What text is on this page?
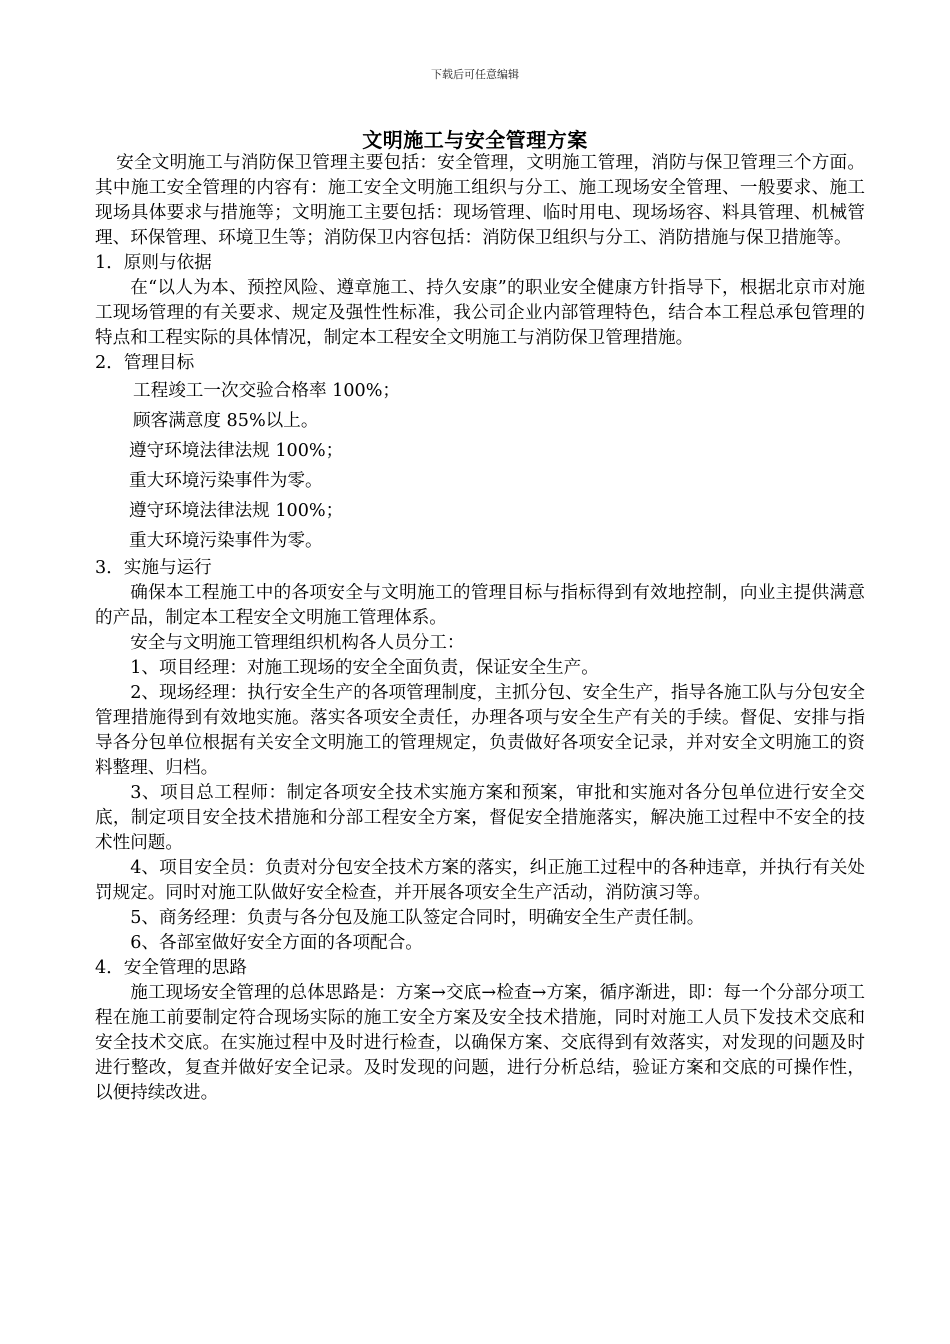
下载后可任意编辑
文明施工与安全管理方案

安全文明施工与消防保卫管理主要包括：安全管理，文明施工管理，消防与保卫管理三个方面。其中施工安全管理的内容有：施工安全文明施工组织与分工、施工现场安全管理、一般要求、施工现场具体要求与措施等；文明施工主要包括：现场管理、临时用电、现场场容、料具管理、机械管理、环保管理、环境卫生等；消防保卫内容包括：消防保卫组织与分工、消防措施与保卫措施等。

1．原则与依据

在“以人为本、预控风险、遵章施工、持久安康”的职业安全健康方针指导下，根据北京市对施工现场管理的有关要求、规定及强性性标准，我公司企业内部管理特色，结合本工程总承包管理的特点和工程实际的具体情况，制定本工程安全文明施工与消防保卫管理措施。

2．管理目标

工程竣工一次交验合格率 100%；

顾客满意度 85%以上。

遵守环境法律法规 100%；

重大环境污染事件为零。

遵守环境法律法规 100%；

重大环境污染事件为零。

3．实施与运行

确保本工程施工中的各项安全与文明施工的管理目标与指标得到有效地控制，向业主提供满意的产品，制定本工程安全文明施工管理体系。

安全与文明施工管理组织机构各人员分工：

1、项目经理：对施工现场的安全全面负责，保证安全生产。

2、现场经理：执行安全生产的各项管理制度，主抓分包、安全生产，指导各施工队与分包安全管理措施得到有效地实施。落实各项安全责任，办理各项与安全生产有关的手续。督促、安排与指导各分包单位根据有关安全文明施工的管理规定，负责做好各项安全记录，并对安全文明施工的资料整理、归档。

3、项目总工程师：制定各项安全技术实施方案和预案，审批和实施对各分包单位进行安全交底，制定项目安全技术措施和分部工程安全方案，督促安全措施落实，解决施工过程中不安全的技术性问题。

4、项目安全员：负责对分包安全技术方案的落实，纠正施工过程中的各种违章，并执行有关处罚规定。同时对施工队做好安全检查，并开展各项安全生产活动，消防演习等。

5、商务经理：负责与各分包及施工队签定合同时，明确安全生产责任制。

6、各部室做好安全方面的各项配合。

4．安全管理的思路

施工现场安全管理的总体思路是：方案→交底→检查→方案，循序渐进，即：每一个分部分项工程在施工前要制定符合现场实际的施工安全方案及安全技术措施，同时对施工人员下发技术交底和安全技术交底。在实施过程中及时进行检查，以确保方案、交底得到有效落实，对发现的问题及时进行整改，复查并做好安全记录。及时发现的问题，进行分析总结，验证方案和交底的可操作性，以便持续改进。
